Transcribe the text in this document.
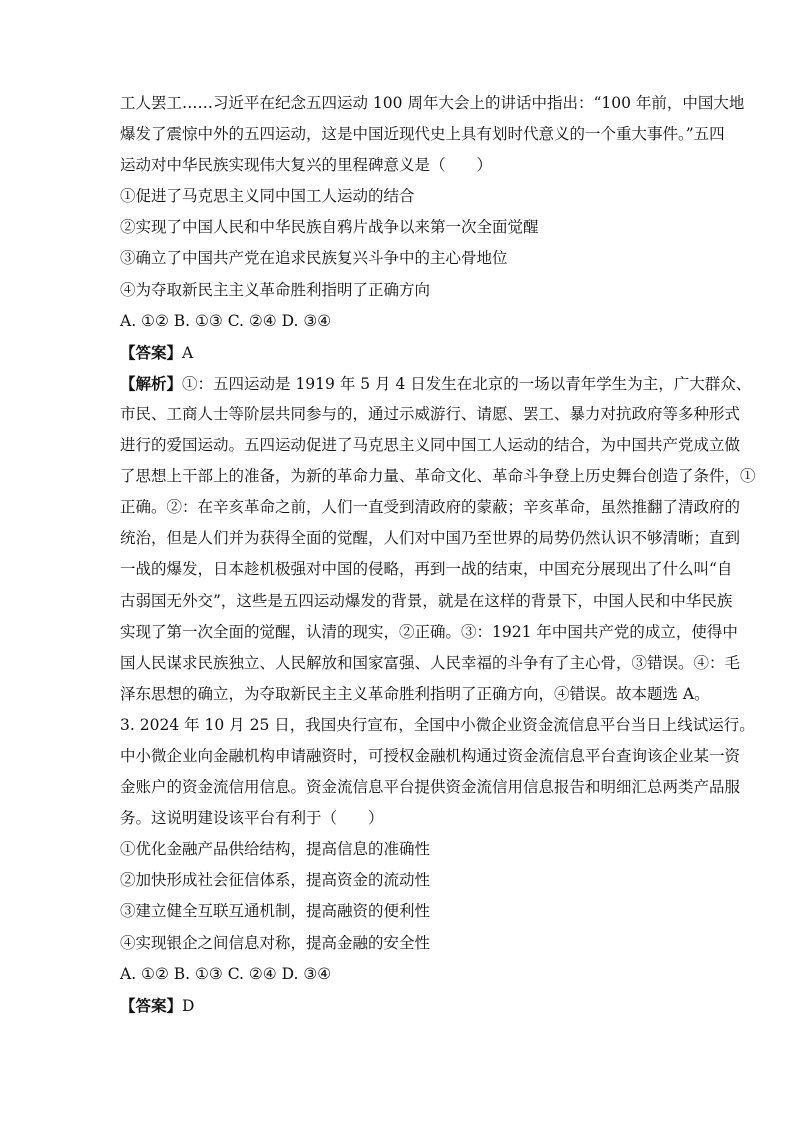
工人罢工……习近平在纪念五四运动 100 周年大会上的讲话中指出：“100 年前，中国大地
爆发了震惊中外的五四运动，这是中国近现代史上具有划时代意义的一个重大事件。”五四
运动对中华民族实现伟大复兴的里程碑意义是（　　）
①促进了马克思主义同中国工人运动的结合
②实现了中国人民和中华民族自鸦片战争以来第一次全面觉醒
③确立了中国共产党在追求民族复兴斗争中的主心骨地位
④为夺取新民主主义革命胜利指明了正确方向
A. ①② B. ①③ C. ②④ D. ③④
【答案】A
【解析】①：五四运动是 1919 年 5 月 4 日发生在北京的一场以青年学生为主，广大群众、
市民、工商人士等阶层共同参与的，通过示威游行、请愿、罢工、暴力对抗政府等多种形式
进行的爱国运动。五四运动促进了马克思主义同中国工人运动的结合，为中国共产党成立做
了思想上干部上的准备，为新的革命力量、革命文化、革命斗争登上历史舞台创造了条件，①
正确。②：在辛亥革命之前，人们一直受到清政府的蒙蔽；辛亥革命，虽然推翻了清政府的
统治，但是人们并为获得全面的觉醒，人们对中国乃至世界的局势仍然认识不够清晰；直到
一战的爆发，日本趁机极强对中国的侵略，再到一战的结束，中国充分展现出了什么叫“自
古弱国无外交”，这些是五四运动爆发的背景，就是在这样的背景下，中国人民和中华民族
实现了第一次全面的觉醒，认清的现实，②正确。③：1921 年中国共产党的成立，使得中
国人民谋求民族独立、人民解放和国家富强、人民幸福的斗争有了主心骨，③错误。④：毛
泽东思想的确立，为夺取新民主主义革命胜利指明了正确方向，④错误。故本题选 A。
3. 2024 年 10 月 25 日，我国央行宣布，全国中小微企业资金流信息平台当日上线试运行。
中小微企业向金融机构申请融资时，可授权金融机构通过资金流信息平台查询该企业某一资
金账户的资金流信用信息。资金流信息平台提供资金流信用信息报告和明细汇总两类产品服
务。这说明建设该平台有利于（　　）
①优化金融产品供给结构，提高信息的准确性
②加快形成社会征信体系，提高资金的流动性
③建立健全互联互通机制，提高融资的便利性
④实现银企之间信息对称，提高金融的安全性
A. ①② B. ①③ C. ②④ D. ③④
【答案】D
